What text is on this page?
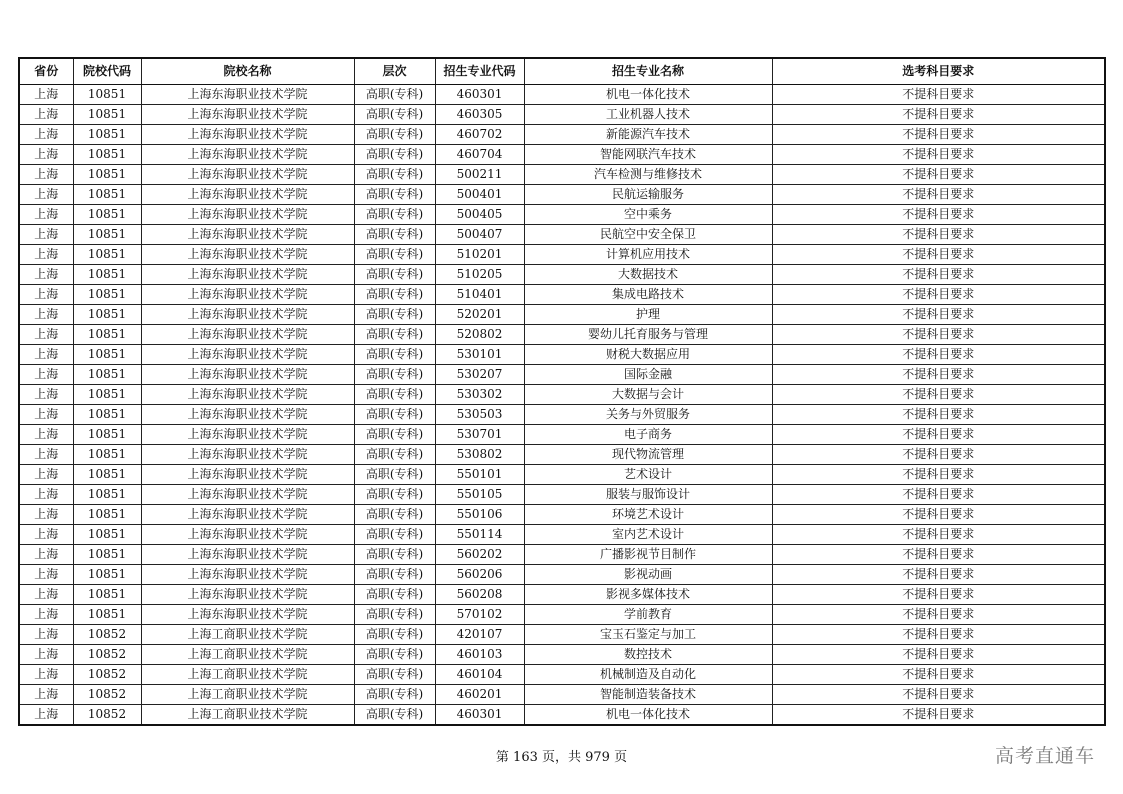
省份	院校代码	院校名称	层次	招生专业代码	招生专业名称	选考科目要求
上海	10851	上海东海职业技术学院	高职(专科)	460301	机电一体化技术	不提科目要求
上海	10851	上海东海职业技术学院	高职(专科)	460305	工业机器人技术	不提科目要求
上海	10851	上海东海职业技术学院	高职(专科)	460702	新能源汽车技术	不提科目要求
上海	10851	上海东海职业技术学院	高职(专科)	460704	智能网联汽车技术	不提科目要求
上海	10851	上海东海职业技术学院	高职(专科)	500211	汽车检测与维修技术	不提科目要求
上海	10851	上海东海职业技术学院	高职(专科)	500401	民航运输服务	不提科目要求
上海	10851	上海东海职业技术学院	高职(专科)	500405	空中乘务	不提科目要求
上海	10851	上海东海职业技术学院	高职(专科)	500407	民航空中安全保卫	不提科目要求
上海	10851	上海东海职业技术学院	高职(专科)	510201	计算机应用技术	不提科目要求
上海	10851	上海东海职业技术学院	高职(专科)	510205	大数据技术	不提科目要求
上海	10851	上海东海职业技术学院	高职(专科)	510401	集成电路技术	不提科目要求
上海	10851	上海东海职业技术学院	高职(专科)	520201	护理	不提科目要求
上海	10851	上海东海职业技术学院	高职(专科)	520802	婴幼儿托育服务与管理	不提科目要求
上海	10851	上海东海职业技术学院	高职(专科)	530101	财税大数据应用	不提科目要求
上海	10851	上海东海职业技术学院	高职(专科)	530207	国际金融	不提科目要求
上海	10851	上海东海职业技术学院	高职(专科)	530302	大数据与会计	不提科目要求
上海	10851	上海东海职业技术学院	高职(专科)	530503	关务与外贸服务	不提科目要求
上海	10851	上海东海职业技术学院	高职(专科)	530701	电子商务	不提科目要求
上海	10851	上海东海职业技术学院	高职(专科)	530802	现代物流管理	不提科目要求
上海	10851	上海东海职业技术学院	高职(专科)	550101	艺术设计	不提科目要求
上海	10851	上海东海职业技术学院	高职(专科)	550105	服装与服饰设计	不提科目要求
上海	10851	上海东海职业技术学院	高职(专科)	550106	环境艺术设计	不提科目要求
上海	10851	上海东海职业技术学院	高职(专科)	550114	室内艺术设计	不提科目要求
上海	10851	上海东海职业技术学院	高职(专科)	560202	广播影视节目制作	不提科目要求
上海	10851	上海东海职业技术学院	高职(专科)	560206	影视动画	不提科目要求
上海	10851	上海东海职业技术学院	高职(专科)	560208	影视多媒体技术	不提科目要求
上海	10851	上海东海职业技术学院	高职(专科)	570102	学前教育	不提科目要求
上海	10852	上海工商职业技术学院	高职(专科)	420107	宝玉石鉴定与加工	不提科目要求
上海	10852	上海工商职业技术学院	高职(专科)	460103	数控技术	不提科目要求
上海	10852	上海工商职业技术学院	高职(专科)	460104	机械制造及自动化	不提科目要求
上海	10852	上海工商职业技术学院	高职(专科)	460201	智能制造装备技术	不提科目要求
上海	10852	上海工商职业技术学院	高职(专科)	460301	机电一体化技术	不提科目要求
第 163 页，共 979 页	高考直通车
